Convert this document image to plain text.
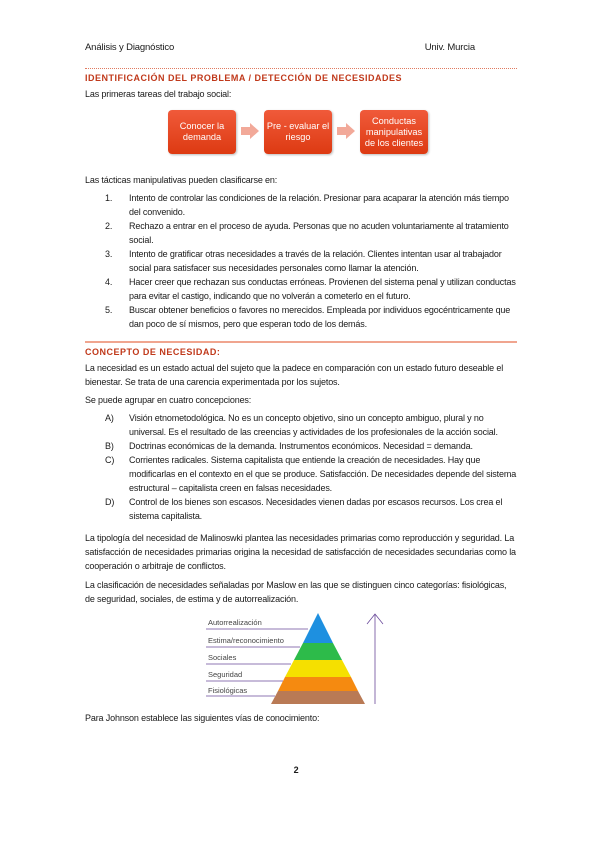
Análisis y Diagnóstico	Univ. Murcia
IDENTIFICACIÓN DEL PROBLEMA / DETECCIÓN DE NECESIDADES

Las primeras tareas del trabajo social:

Conocer la demanda
Pre - evaluar el riesgo
Conductas manipulativas de los clientes

Las tácticas manipulativas pueden clasificarse en:

1. Intento de controlar las condiciones de la relación. Presionar para acaparar la atención más tiempo del convenido.
2. Rechazo a entrar en el proceso de ayuda. Personas que no acuden voluntariamente al tratamiento social.
3. Intento de gratificar otras necesidades a través de la relación. Clientes intentan usar al trabajador social para satisfacer sus necesidades personales como llamar la atención.
4. Hacer creer que rechazan sus conductas erróneas. Provienen del sistema penal y utilizan conductas para evitar el castigo, indicando que no volverán a cometerlo en el futuro.
5. Buscar obtener beneficios o favores no merecidos. Empleada por individuos egocéntricamente que dan poco de sí mismos, pero que esperan todo de los demás.
CONCEPTO DE NECESIDAD:

La necesidad es un estado actual del sujeto que la padece en comparación con un estado futuro deseable el bienestar. Se trata de una carencia experimentada por los sujetos.

Se puede agrupar en cuatro concepciones:

A) Visión etnometodológica. No es un concepto objetivo, sino un concepto ambiguo, plural y no universal. Es el resultado de las creencias y actividades de los profesionales de la acción social.
B) Doctrinas económicas de la demanda. Instrumentos económicos. Necesidad = demanda.
C) Corrientes radicales. Sistema capitalista que entiende la creación de necesidades. Hay que modificarlas en el contexto en el que se produce. Satisfacción. De necesidades depende del sistema estructural – capitalista creen en falsas necesidades.
D) Control de los bienes son escasos. Necesidades vienen dadas por escasos recursos. Los crea el sistema capitalista.

La tipología del necesidad de Malinoswki plantea las necesidades primarias como reproducción y seguridad. La satisfacción de necesidades primarias origina la necesidad de satisfacción de necesidades secundarias como la cooperación o arbitraje de conflictos.

La clasificación de necesidades señaladas por Maslow en las que se distinguen cinco categorías: fisiológicas, de seguridad, sociales, de estima y de autorrealización.

Autorrealización
Estima/reconocimiento
Sociales
Seguridad
Fisiológicas

Para Johnson establece las siguientes vías de conocimiento:

2
